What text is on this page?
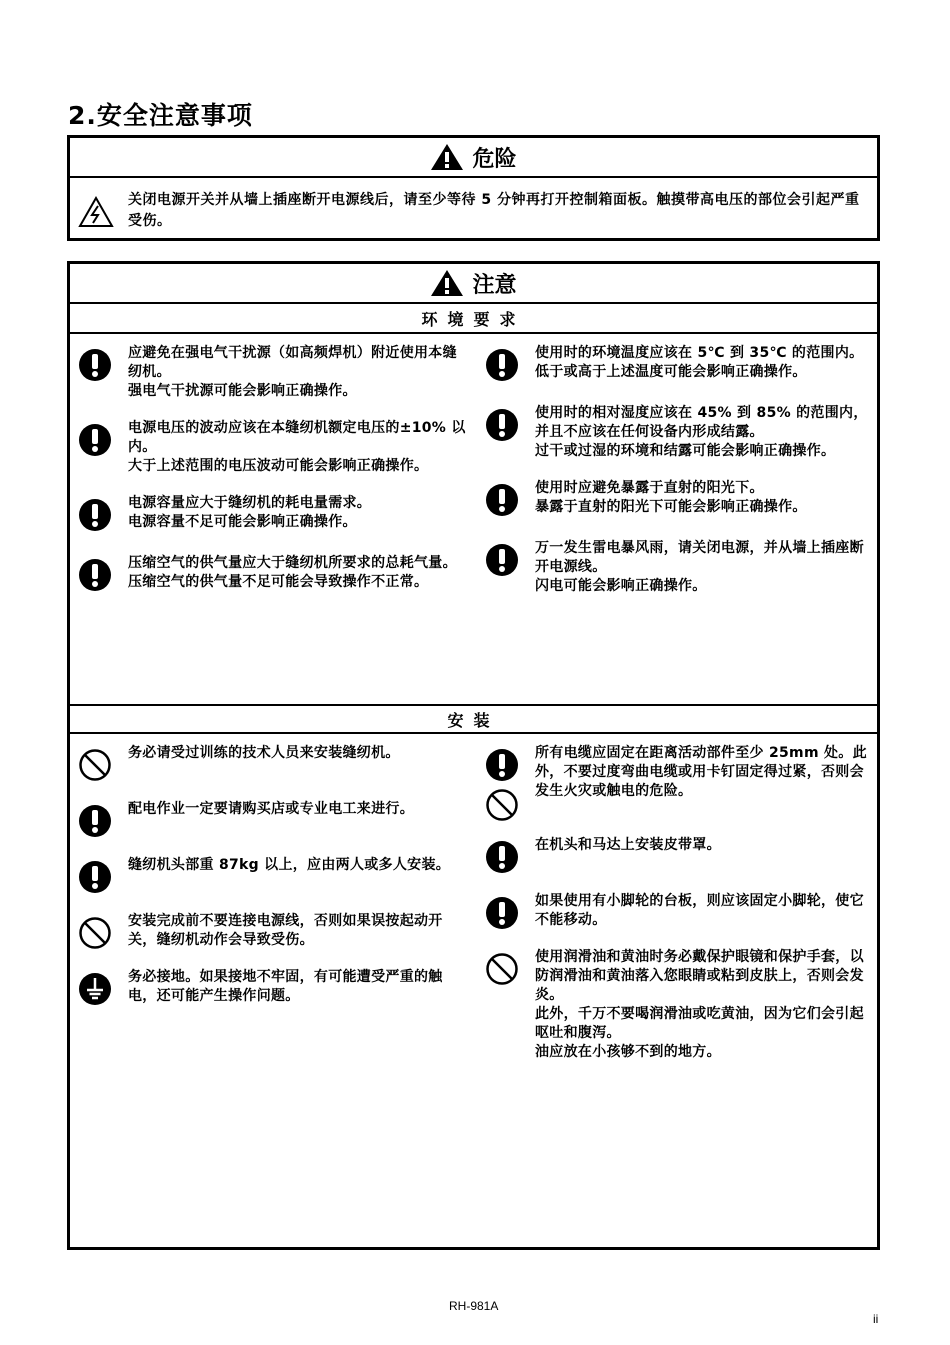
2.安全注意事项
危险
关闭电源开关并从墙上插座断开电源线后，请至少等待 5 分钟再打开控制箱面板。触摸带高电压的部位会引起严重受伤。
注意
环境要求
应避免在强电气干扰源（如高频焊机）附近使用本缝纫机。
强电气干扰源可能会影响正确操作。
电源电压的波动应该在本缝纫机额定电压的±10% 以内。
大于上述范围的电压波动可能会影响正确操作。
电源容量应大于缝纫机的耗电量需求。
电源容量不足可能会影响正确操作。
压缩空气的供气量应大于缝纫机所要求的总耗气量。
压缩空气的供气量不足可能会导致操作不正常。
使用时的环境温度应该在 5℃ 到 35℃ 的范围内。
低于或高于上述温度可能会影响正确操作。
使用时的相对湿度应该在 45% 到 85% 的范围内，并且不应该在任何设备内形成结露。
过干或过湿的环境和结露可能会影响正确操作。
使用时应避免暴露于直射的阳光下。
暴露于直射的阳光下可能会影响正确操作。
万一发生雷电暴风雨，请关闭电源，并从墙上插座断开电源线。
闪电可能会影响正确操作。
安装
务必请受过训练的技术人员来安装缝纫机。
配电作业一定要请购买店或专业电工来进行。
缝纫机头部重 87kg 以上，应由两人或多人安装。
安装完成前不要连接电源线，否则如果误按起动开关，缝纫机动作会导致受伤。
务必接地。如果接地不牢固，有可能遭受严重的触电，还可能产生操作问题。
所有电缆应固定在距离活动部件至少 25mm 处。此外，不要过度弯曲电缆或用卡钉固定得过紧，否则会发生火灾或触电的危险。
在机头和马达上安装皮带罩。
如果使用有小脚轮的台板，则应该固定小脚轮，使它不能移动。
使用润滑油和黄油时务必戴保护眼镜和保护手套，以防润滑油和黄油落入您眼睛或粘到皮肤上，否则会发炎。
此外，千万不要喝润滑油或吃黄油，因为它们会引起呕吐和腹泻。
油应放在小孩够不到的地方。
RH-981A
ii
